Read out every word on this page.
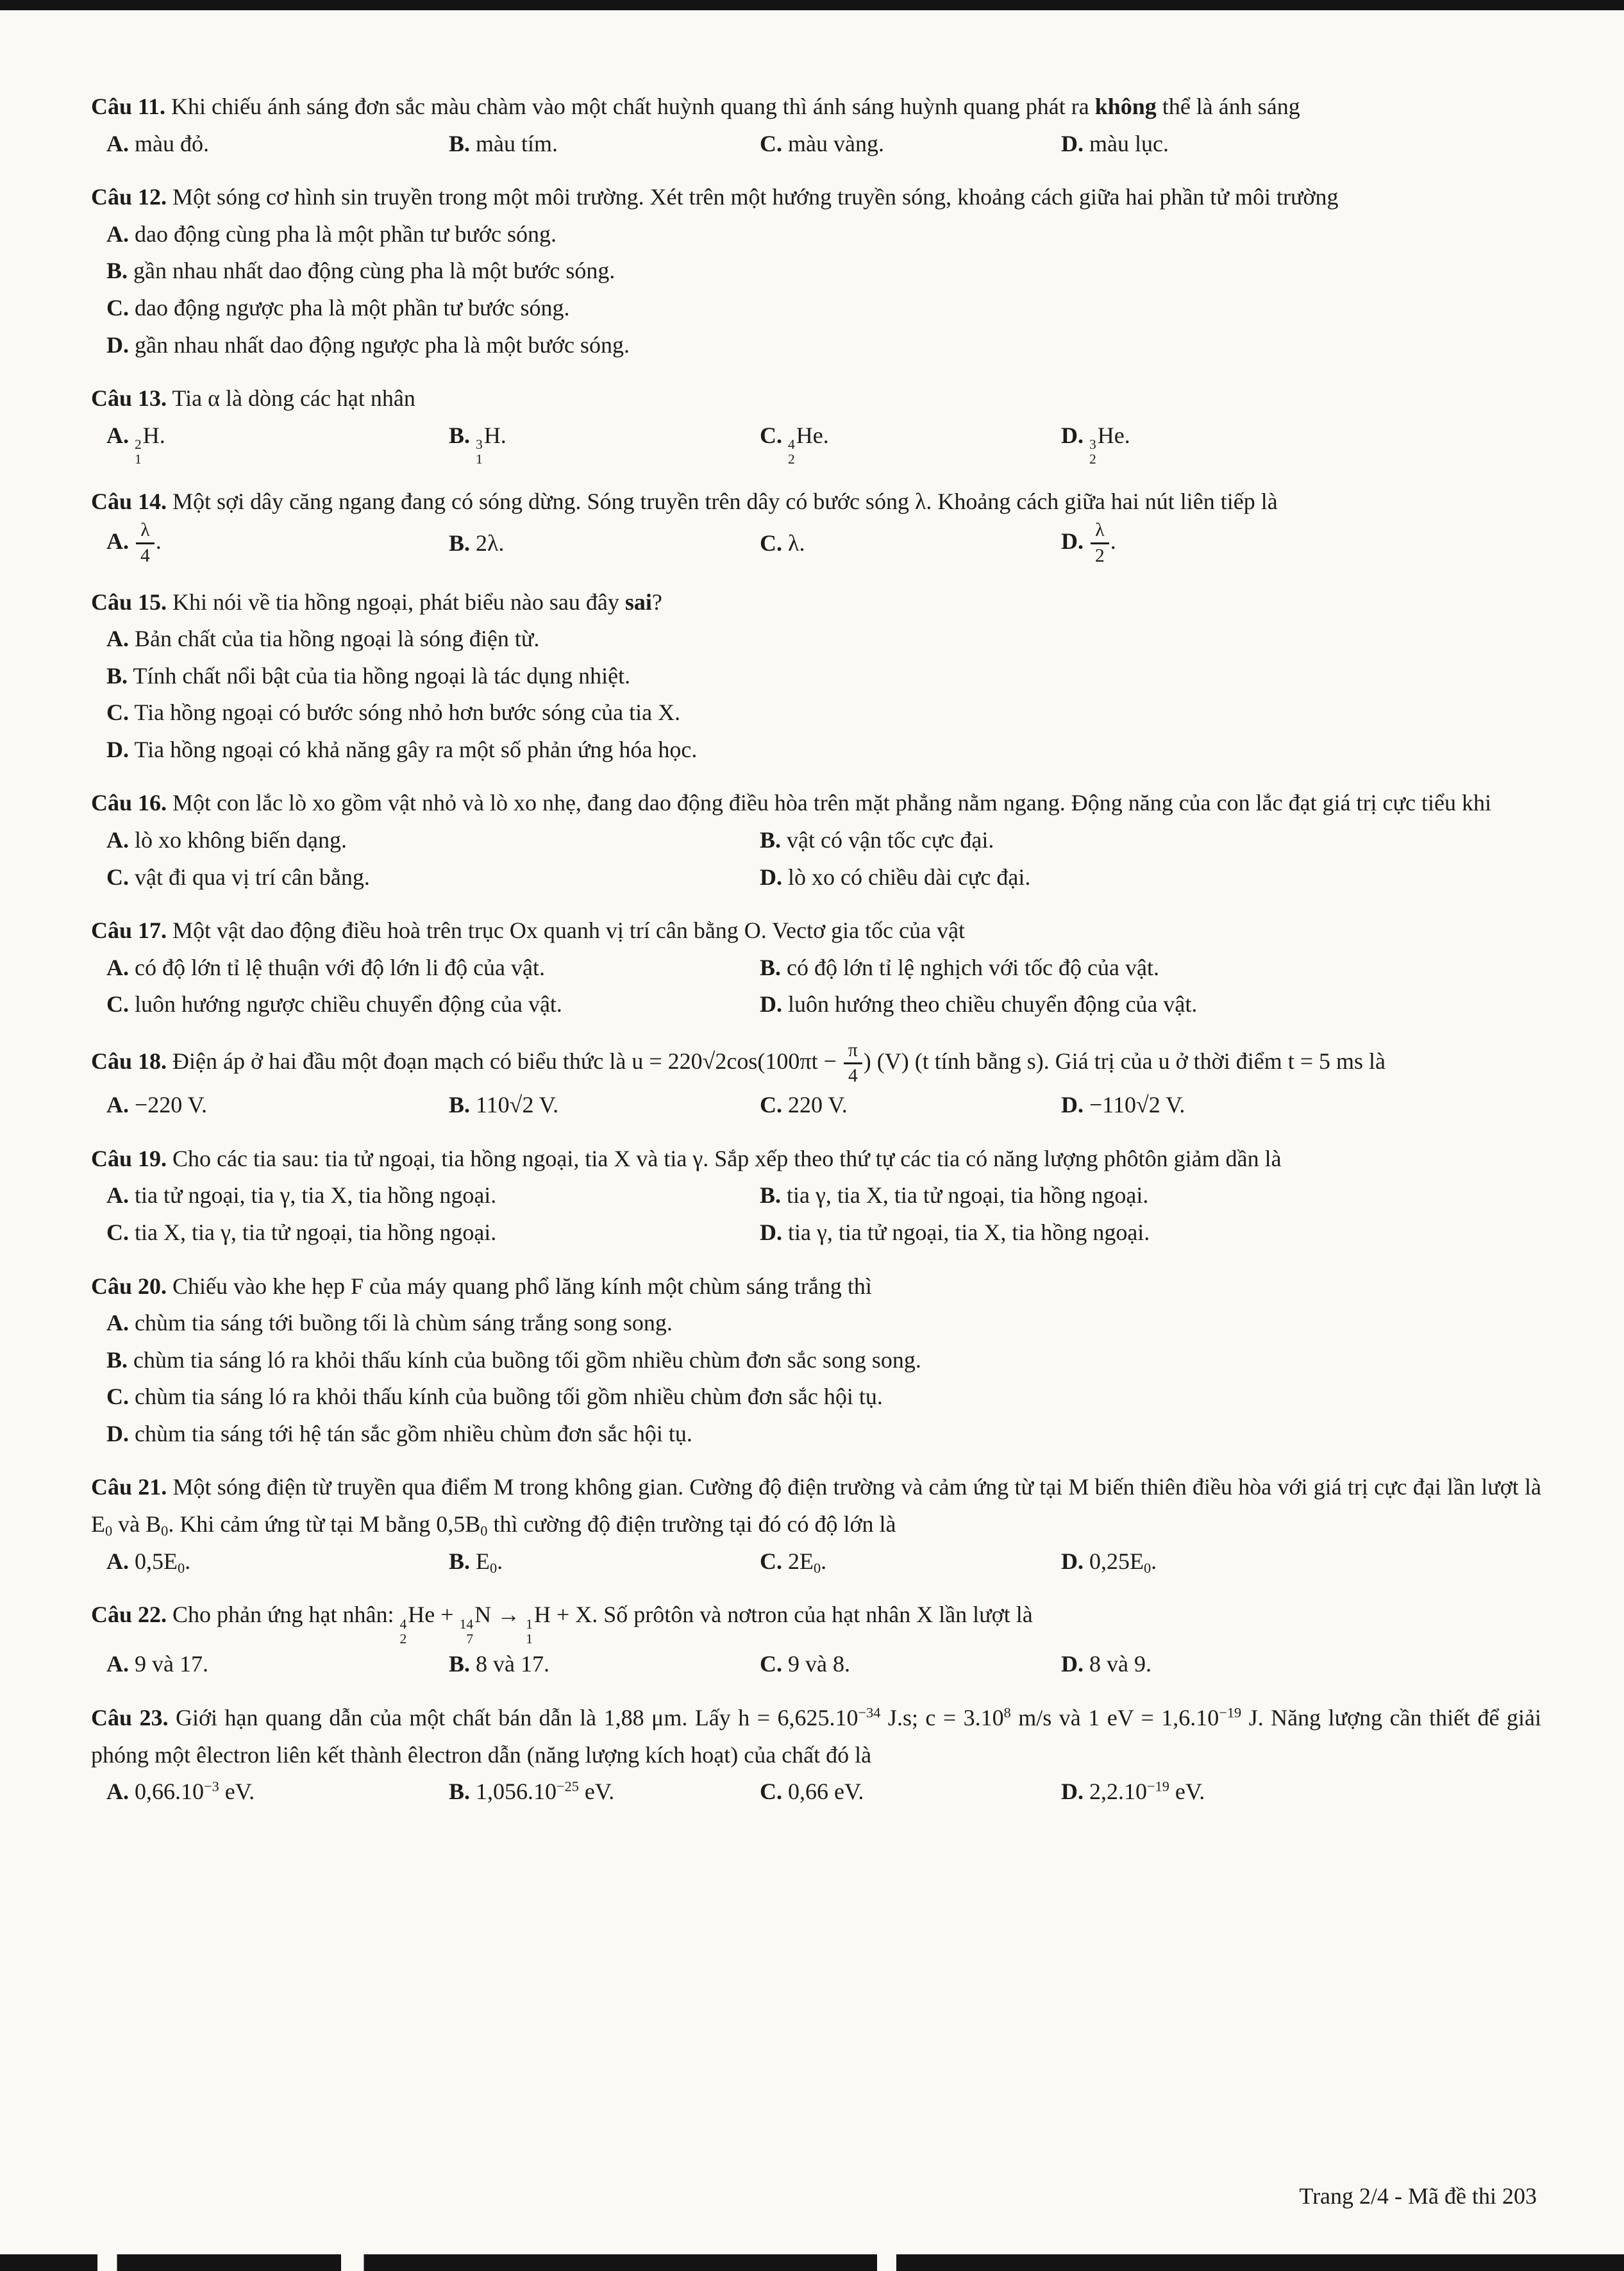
Câu 11. Khi chiếu ánh sáng đơn sắc màu chàm vào một chất huỳnh quang thì ánh sáng huỳnh quang phát ra không thể là ánh sáng
A. màu đỏ.	B. màu tím.	C. màu vàng.	D. màu lục.
Câu 12. Một sóng cơ hình sin truyền trong một môi trường. Xét trên một hướng truyền sóng, khoảng cách giữa hai phần tử môi trường
A. dao động cùng pha là một phần tư bước sóng.
B. gần nhau nhất dao động cùng pha là một bước sóng.
C. dao động ngược pha là một phần tư bước sóng.
D. gần nhau nhất dao động ngược pha là một bước sóng.
Câu 13. Tia α là dòng các hạt nhân
A. 2
1
H.	B. 3
1
H.	C. 4
2
He.	D. 3
2
He.
Câu 14. Một sợi dây căng ngang đang có sóng dừng. Sóng truyền trên dây có bước sóng λ. Khoảng cách giữa hai nút liên tiếp là
A. $\frac{\lambda}{4}$ .	B. 2λ.	C. λ.	D. $\frac{\lambda}{2}$ .
Câu 15. Khi nói về tia hồng ngoại, phát biểu nào sau đây sai?
A. Bản chất của tia hồng ngoại là sóng điện từ.
B. Tính chất nổi bật của tia hồng ngoại là tác dụng nhiệt.
C. Tia hồng ngoại có bước sóng nhỏ hơn bước sóng của tia X.
D. Tia hồng ngoại có khả năng gây ra một số phản ứng hóa học.
Câu 16. Một con lắc lò xo gồm vật nhỏ và lò xo nhẹ, đang dao động điều hòa trên mặt phẳng nằm ngang. Động năng của con lắc đạt giá trị cực tiểu khi
A. lò xo không biến dạng.	B. vật có vận tốc cực đại.
C. vật đi qua vị trí cân bằng.	D. lò xo có chiều dài cực đại.
Câu 17. Một vật dao động điều hoà trên trục Ox quanh vị trí cân bằng O. Vectơ gia tốc của vật
A. có độ lớn tỉ lệ thuận với độ lớn li độ của vật.	B. có độ lớn tỉ lệ nghịch với tốc độ của vật.
C. luôn hướng ngược chiều chuyển động của vật.	D. luôn hướng theo chiều chuyển động của vật.
Câu 18. Điện áp ở hai đầu một đoạn mạch có biểu thức là $u = 220√2\cos(100\pi t - \frac{\pi}{4}$ ) (V) (t tính bằng s). Giá trị của u ở thời điểm t = 5 ms là
A. −220 V.	B. 110√2 V.	C. 220 V.	D. −110√2 V.
Câu 19. Cho các tia sau: tia tử ngoại, tia hồng ngoại, tia X và tia γ. Sắp xếp theo thứ tự các tia có năng lượng phôtôn giảm dần là
A. tia tử ngoại, tia γ, tia X, tia hồng ngoại.	B. tia γ, tia X, tia tử ngoại, tia hồng ngoại.
C. tia X, tia γ, tia tử ngoại, tia hồng ngoại.	D. tia γ, tia tử ngoại, tia X, tia hồng ngoại.
Câu 20. Chiếu vào khe hẹp F của máy quang phổ lăng kính một chùm sáng trắng thì
A. chùm tia sáng tới buồng tối là chùm sáng trắng song song.
B. chùm tia sáng ló ra khỏi thấu kính của buồng tối gồm nhiều chùm đơn sắc song song.
C. chùm tia sáng ló ra khỏi thấu kính của buồng tối gồm nhiều chùm đơn sắc hội tụ.
D. chùm tia sáng tới hệ tán sắc gồm nhiều chùm đơn sắc hội tụ.
Câu 21. Một sóng điện từ truyền qua điểm M trong không gian. Cường độ điện trường và cảm ứng từ tại M biến thiên điều hòa với giá trị cực đại lần lượt là $E_0$ và $B_0$. Khi cảm ứng từ tại M bằng $0,5B_0$ thì cường độ điện trường tại đó có độ lớn là
A. $0,5E_0$.	B. $E_0$.	C. $2E_0$.	D. $0,25E_0$.
Câu 22. Cho phản ứng hạt nhân: 4
2
He + 14
7
N → 1
1
H + X. Số prôtôn và nơtron của hạt nhân X lần lượt là
A. 9 và 17.	B. 8 và 17.	C. 9 và 8.	D. 8 và 9.
Câu 23. Giới hạn quang dẫn của một chất bán dẫn là 1,88 μm. Lấy $h = 6,625.10^{-34}$ J.s; $c = 3.10^8$ m/s và 1 eV = $1,6.10^{-19}$ J. Năng lượng cần thiết để giải phóng một êlectron liên kết thành êlectron dẫn (năng lượng kích hoạt) của chất đó là
A. $0,66.10^{-3}$ eV.	B. $1,056.10^{-25}$ eV.	C. 0,66 eV.	D. $2,2.10^{-19}$ eV.
Trang 2/4 - Mã đề thi 203
